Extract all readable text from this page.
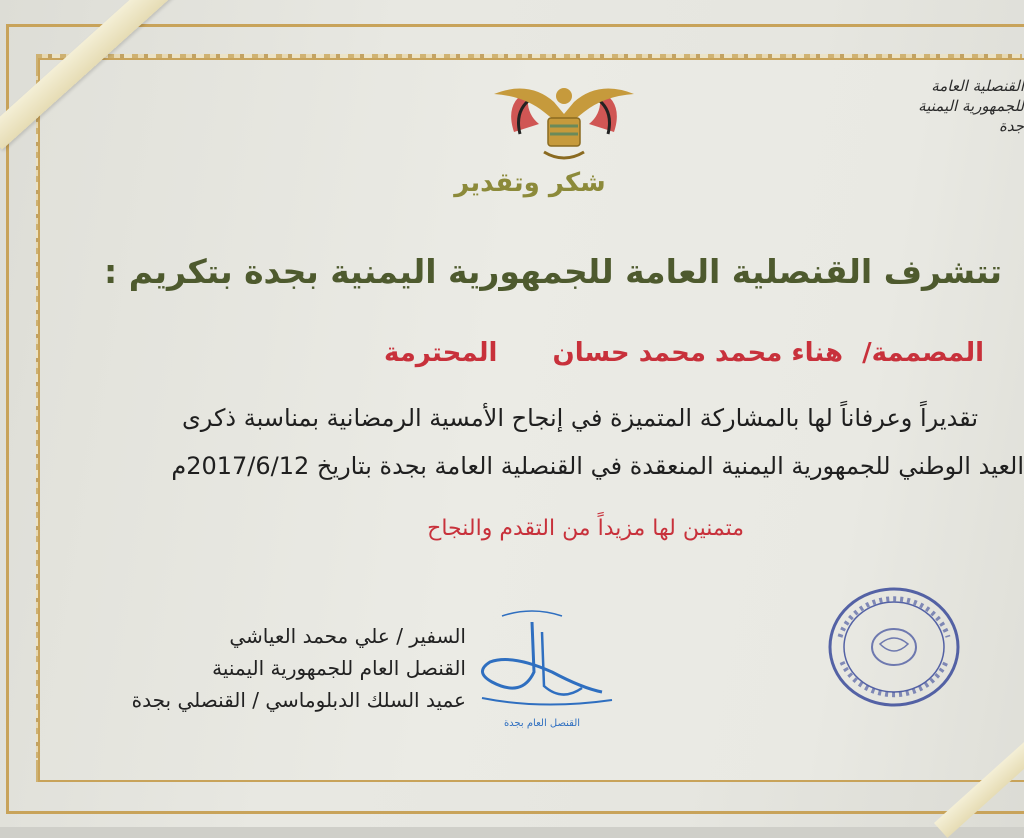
شكر وتقدير
القنصلية العامة
للجمهورية اليمنية
جدة
تتشرف القنصلية العامة للجمهورية اليمنية بجدة بتكريم :
المصممة/ هناء محمد محمد حسان المحترمة
تقديراً وعرفاناً لها بالمشاركة المتميزة في إنجاح الأمسية الرمضانية بمناسبة ذكرى
العيد الوطني للجمهورية اليمنية المنعقدة في القنصلية العامة بجدة بتاريخ 2017/6/12م
متمنين لها مزيداً من التقدم والنجاح
السفير / علي محمد العياشي
القنصل العام للجمهورية اليمنية
عميد السلك الدبلوماسي / القنصلي بجدة
القنصل العام بجدة
